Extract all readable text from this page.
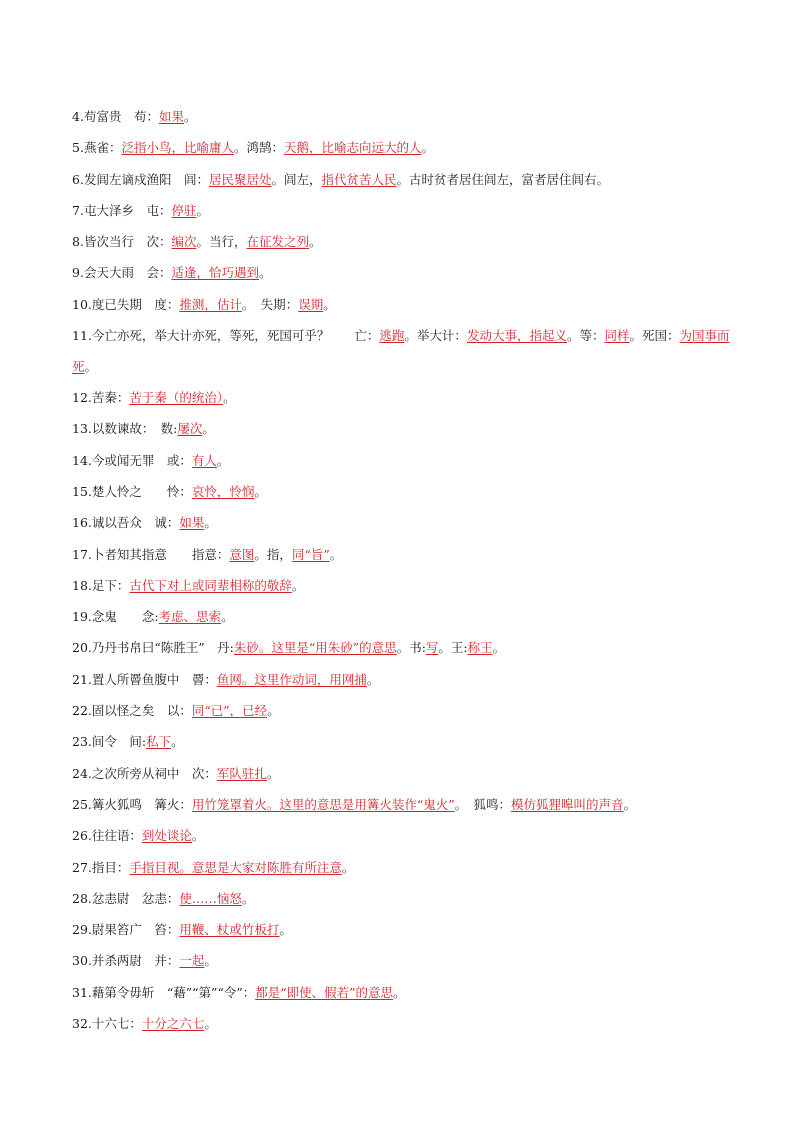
4.苟富贵　苟：如果。
5.燕雀：泛指小鸟，比喻庸人。鸿鹄：天鹅，比喻志向远大的人。
6.发闾左谪戍渔阳　闾：居民聚居处。闾左，指代贫苦人民。古时贫者居住闾左，富者居住闾右。
7.屯大泽乡　屯：停驻。
8.皆次当行　次：编次。当行，在征发之列。
9.会天大雨　会：适逢，恰巧遇到。
10.度已失期　度：推测，估计。　失期：误期。
11.今亡亦死，举大计亦死，等死，死国可乎？　　亡：逃跑。举大计：发动大事，指起义。等：同样。死国：为国事而死。
12.苦秦：苦于秦（的统治）。
13.以数谏故：　数:屡次。
14.今或闻无罪　或：有人。
15.楚人怜之　　怜：哀怜，怜悯。
16.诚以吾众　诚：如果。
17.卜者知其指意　　指意：意图。指，同“旨”。
18.足下：古代下对上或同辈相称的敬辞。
19.念鬼　　念:考虑、思索。
20.乃丹书帛曰“陈胜王”　丹:朱砂。这里是“用朱砂”的意思。书:写。王:称王。
21.置人所罾鱼腹中　罾：鱼网。这里作动词，用网捕。
22.固以怪之矣　以：同“已”，已经。
23.间令　间:私下。
24.之次所旁从祠中　次：军队驻扎。
25.篝火狐鸣　篝火：用竹笼罩着火。这里的意思是用篝火装作“鬼火”。　狐鸣：模仿狐狸嗥叫的声音。
26.往往语：到处谈论。
27.指目：手指目视。意思是大家对陈胜有所注意。
28.忿恚尉　忿恚：使……恼怒。
29.尉果笞广　笞：用鞭、杖或竹板打。
30.并杀两尉　并：一起。
31.藉第令毋斩　“藉”“第”“令”：都是“即使、假若”的意思。
32.十六七：十分之六七。
